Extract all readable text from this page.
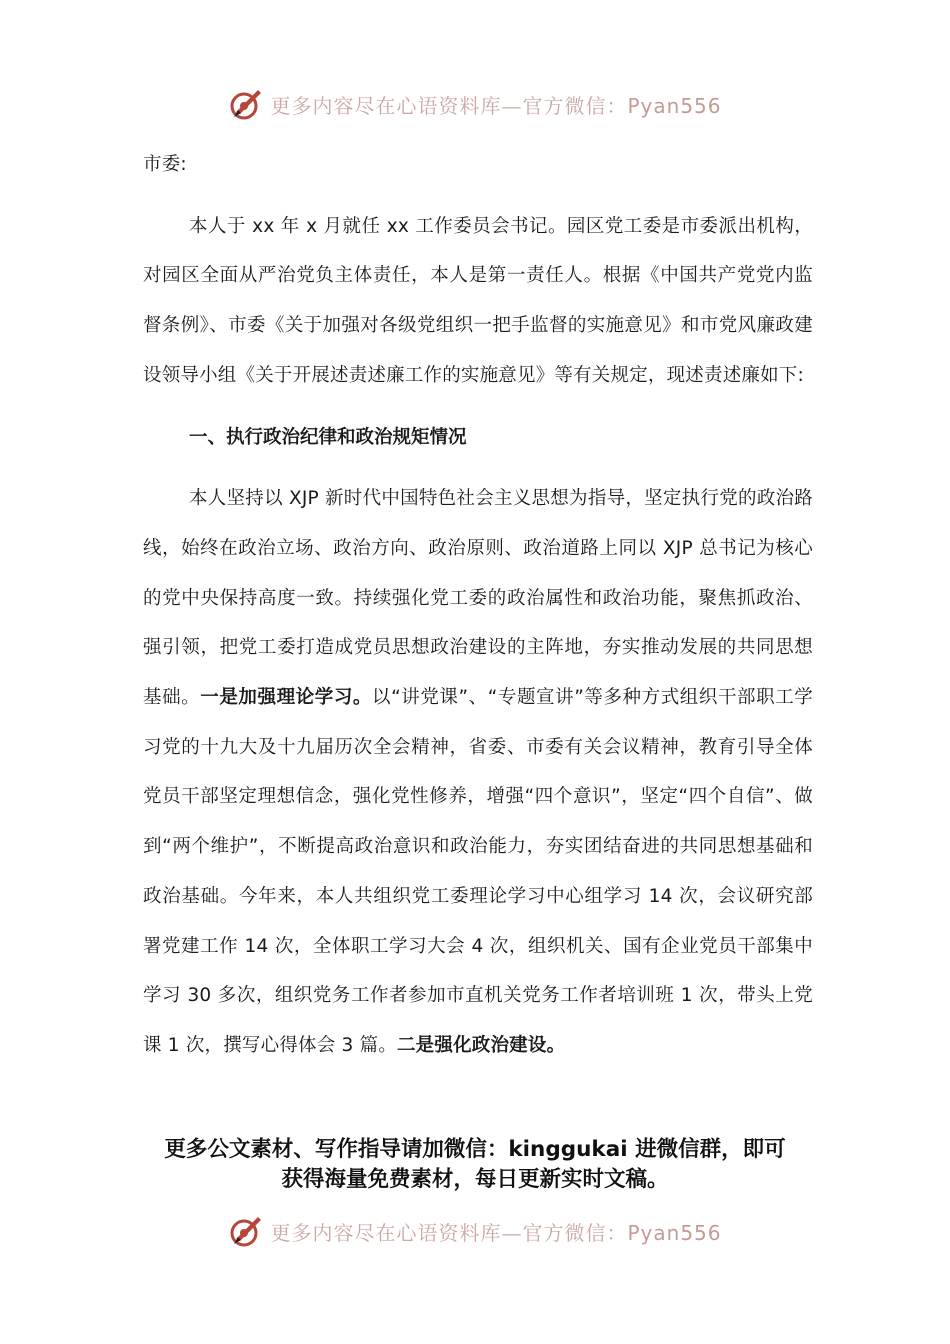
更多内容尽在心语资料库—官方微信：Pyan556

市委:

本人于 xx 年 x 月就任 xx 工作委员会书记。园区党工委是市委派出机构，对园区全面从严治党负主体责任，本人是第一责任人。根据《中国共产党党内监督条例》、市委《关于加强对各级党组织一把手监督的实施意见》和市党风廉政建设领导小组《关于开展述责述廉工作的实施意见》等有关规定，现述责述廉如下:

一、执行政治纪律和政治规矩情况

本人坚持以 XJP 新时代中国特色社会主义思想为指导，坚定执行党的政治路线，始终在政治立场、政治方向、政治原则、政治道路上同以 XJP 总书记为核心的党中央保持高度一致。持续强化党工委的政治属性和政治功能，聚焦抓政治、强引领，把党工委打造成党员思想政治建设的主阵地，夯实推动发展的共同思想基础。一是加强理论学习。以“讲党课”、“专题宣讲”等多种方式组织干部职工学习党的十九大及十九届历次全会精神，省委、市委有关会议精神，教育引导全体党员干部坚定理想信念，强化党性修养，增强“四个意识”，坚定“四个自信”、做到“两个维护”，不断提高政治意识和政治能力，夯实团结奋进的共同思想基础和政治基础。今年来，本人共组织党工委理论学习中心组学习 14 次，会议研究部署党建工作 14 次，全体职工学习大会 4 次，组织机关、国有企业党员干部集中学习 30 多次，组织党务工作者参加市直机关党务工作者培训班 1 次，带头上党课 1 次，撰写心得体会 3 篇。二是强化政治建设。

更多公文素材、写作指导请加微信：kinggukai 进微信群，即可
获得海量免费素材，每日更新实时文稿。
更多内容尽在心语资料库—官方微信：Pyan556
